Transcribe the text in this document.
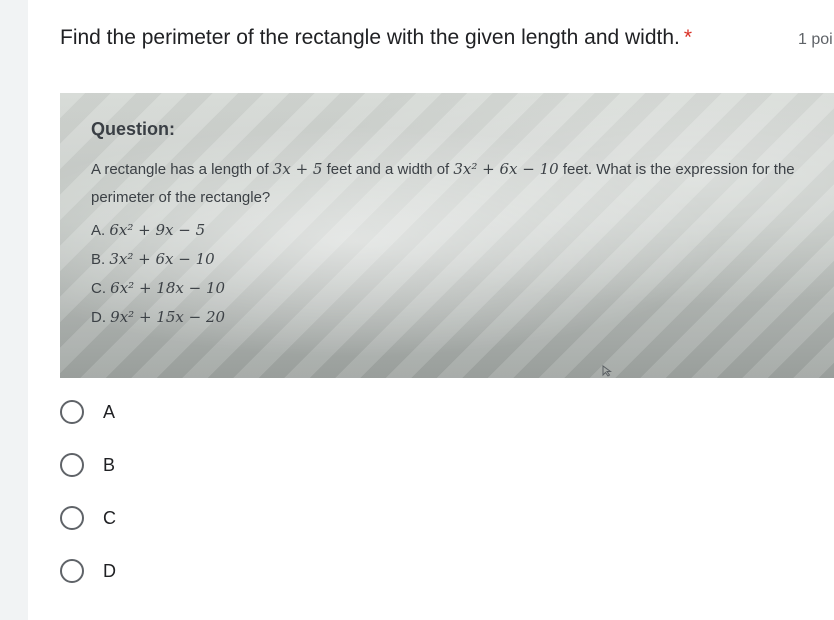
Find the perimeter of the rectangle with the given length and width. *	1 poi
Question:
A rectangle has a length of 3x + 5 feet and a width of 3x² + 6x − 10 feet. What is the expression for the perimeter of the rectangle?
A. 6x² + 9x − 5
B. 3x² + 6x − 10
C. 6x² + 18x − 10
D. 9x² + 15x − 20
A
B
C
D
